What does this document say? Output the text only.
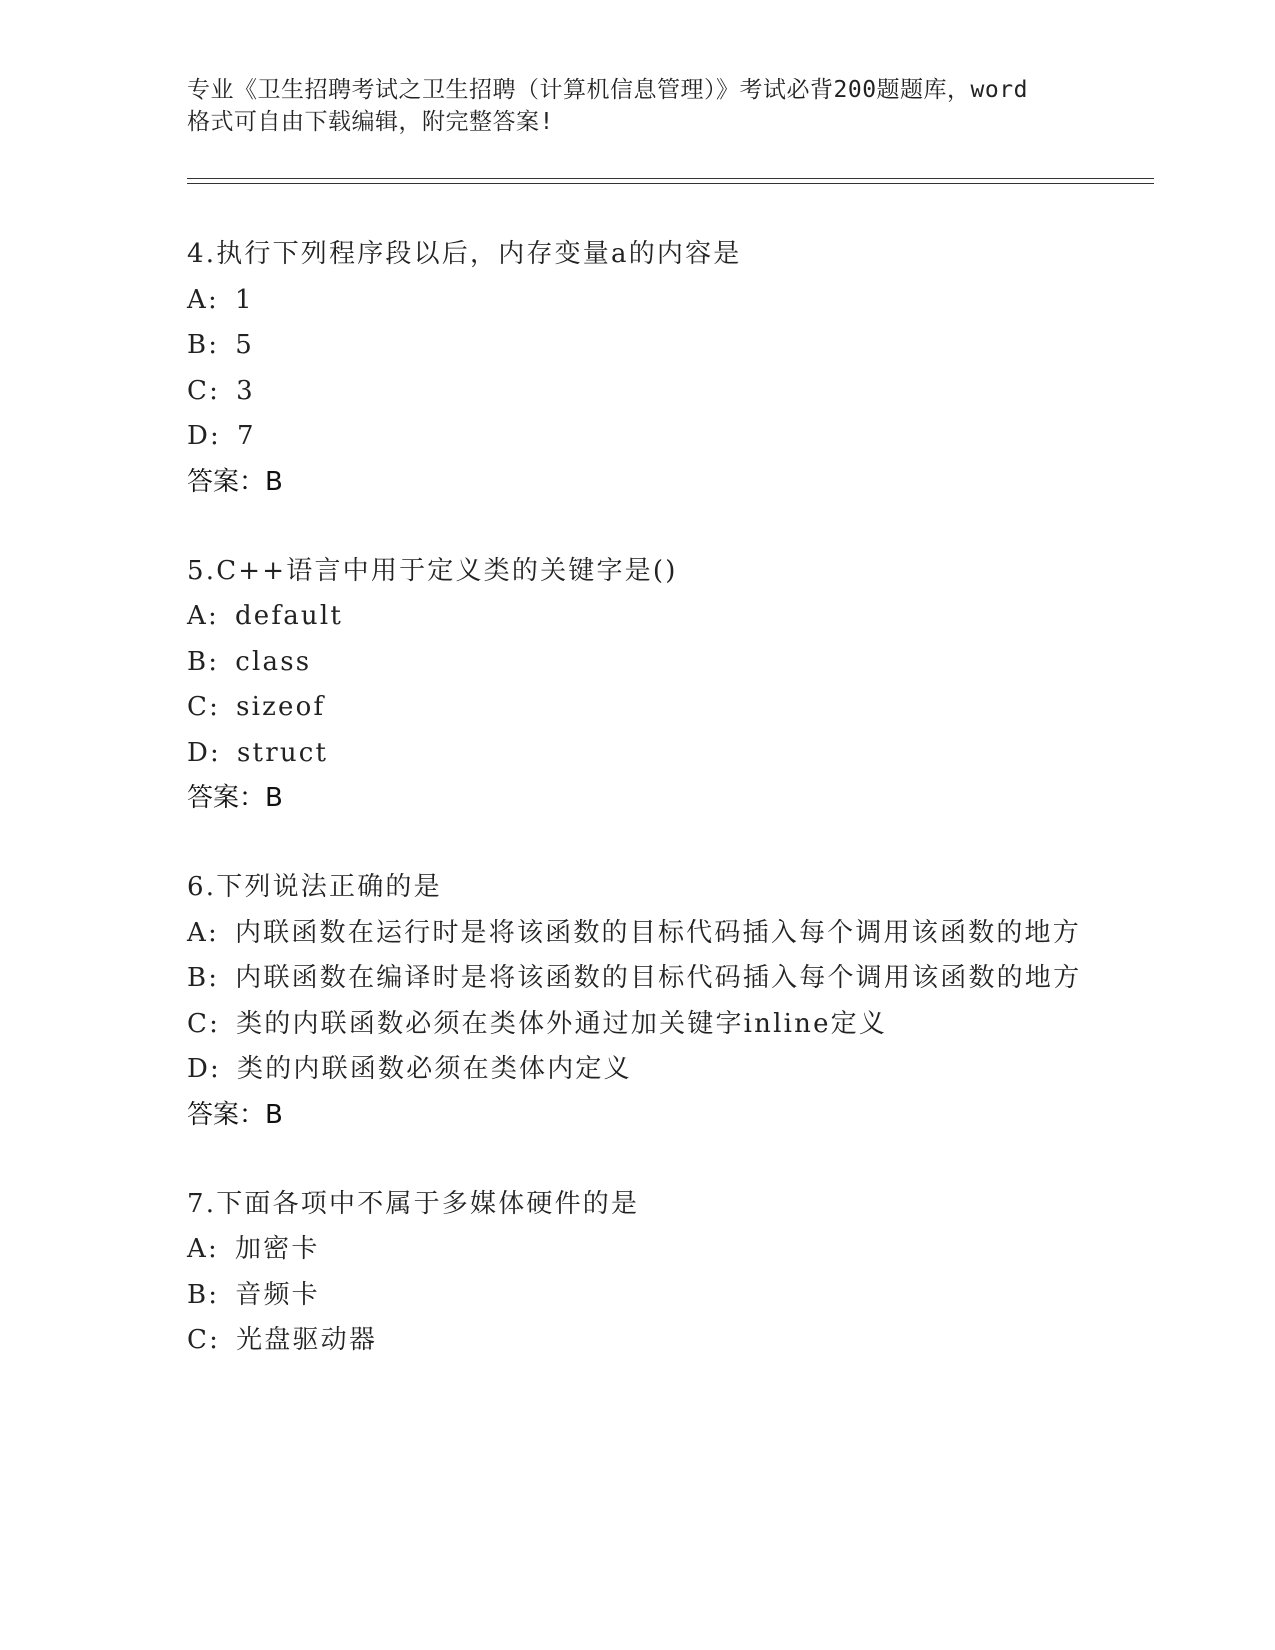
专业《卫生招聘考试之卫生招聘（计算机信息管理）》考试必背200题题库，word
格式可自由下载编辑，附完整答案!
4.执行下列程序段以后，内存变量a的内容是
A: 1
B: 5
C: 3
D: 7
答案：B
5.C++语言中用于定义类的关键字是()
A: default
B: class
C: sizeof
D: struct
答案：B
6.下列说法正确的是
A: 内联函数在运行时是将该函数的目标代码插入每个调用该函数的地方
B: 内联函数在编译时是将该函数的目标代码插入每个调用该函数的地方
C: 类的内联函数必须在类体外通过加关键字inline定义
D: 类的内联函数必须在类体内定义
答案：B
7.下面各项中不属于多媒体硬件的是
A: 加密卡
B: 音频卡
C: 光盘驱动器
